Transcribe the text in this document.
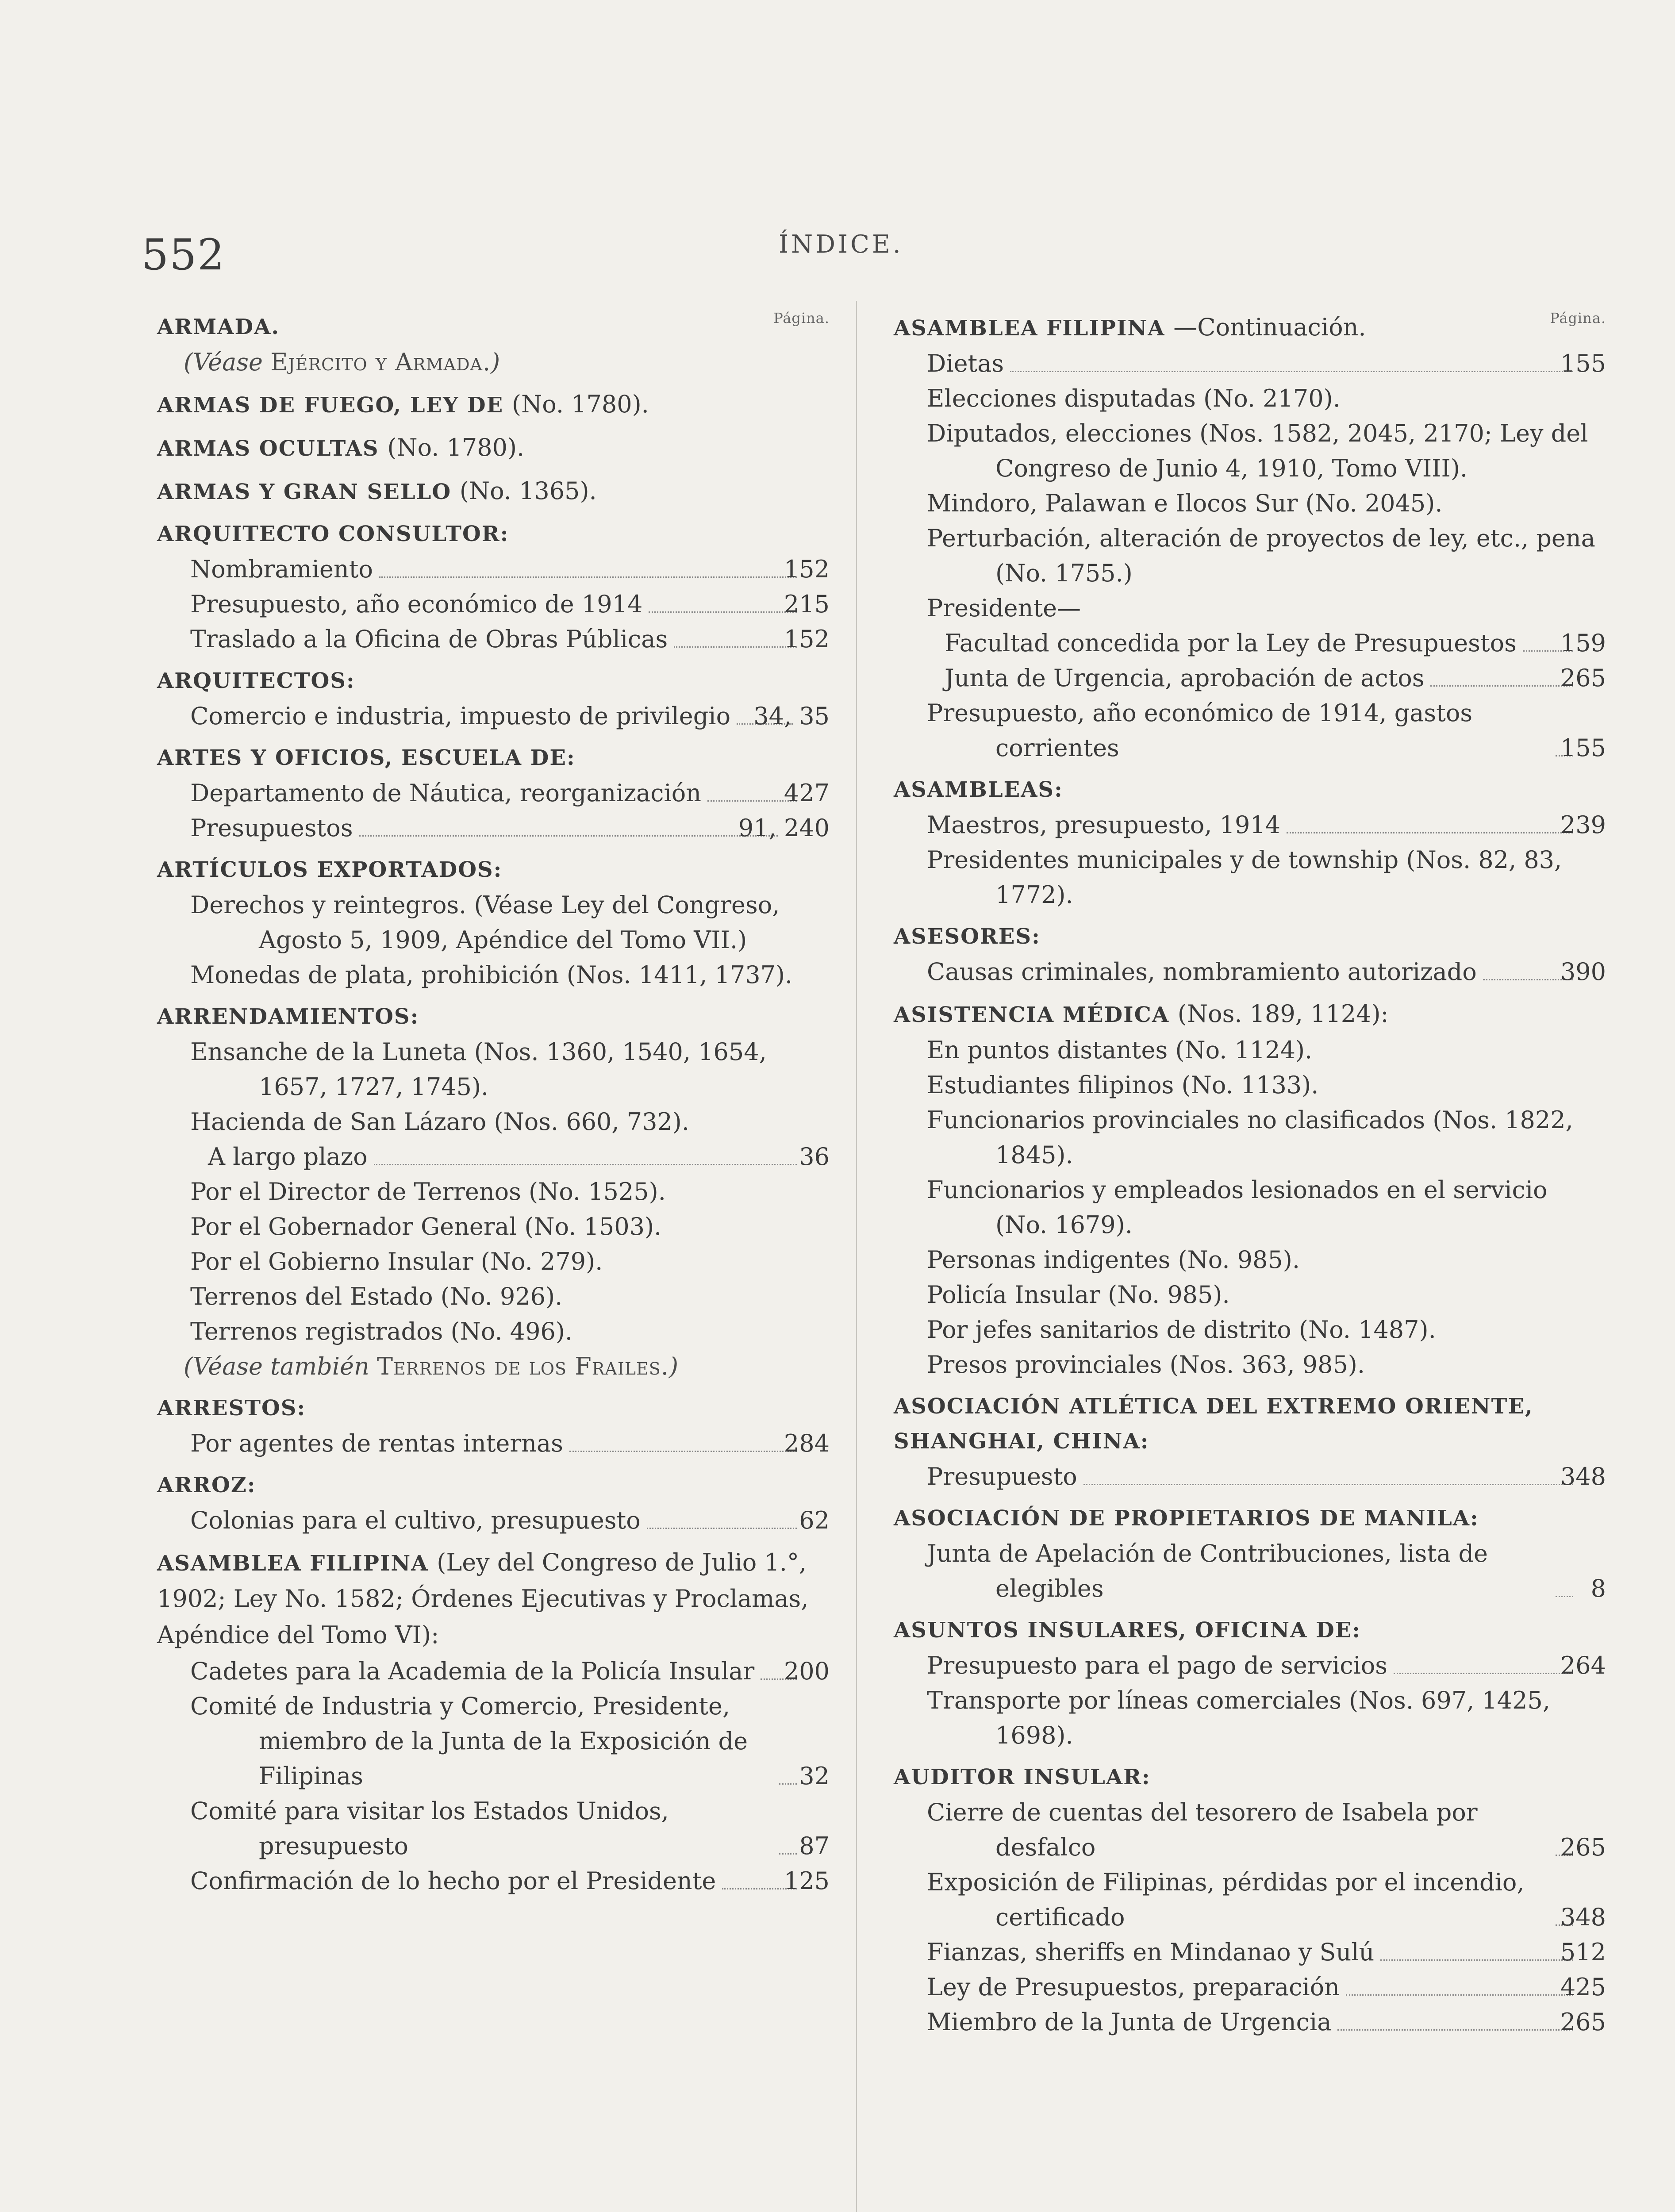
552	ÍNDICE.
Página.
ARMADA.
(Véase Ejército y Armada.)
ARMAS DE FUEGO, LEY DE (No. 1780).
ARMAS OCULTAS (No. 1780).
ARMAS Y GRAN SELLO (No. 1365).
ARQUITECTO CONSULTOR:
Nombramiento	152
Presupuesto, año económico de 1914	215
Traslado a la Oficina de Obras Públicas	152
ARQUITECTOS:
Comercio e industria, impuesto de privilegio 34, 35
ARTES Y OFICIOS, ESCUELA DE:
Departamento de Náutica, reorganización	427
Presupuestos	91, 240
ARTÍCULOS EXPORTADOS:
Derechos y reintegros. (Véase Ley del Congreso, Agosto 5, 1909, Apéndice del Tomo VII.)
Monedas de plata, prohibición (Nos. 1411, 1737).
ARRENDAMIENTOS:
Ensanche de la Luneta (Nos. 1360, 1540, 1654, 1657, 1727, 1745).
Hacienda de San Lázaro (Nos. 660, 732).
A largo plazo	36
Por el Director de Terrenos (No. 1525).
Por el Gobernador General (No. 1503).
Por el Gobierno Insular (No. 279).
Terrenos del Estado (No. 926).
Terrenos registrados (No. 496).
(Véase también Terrenos de los Frailes.)
ARRESTOS:
Por agentes de rentas internas	284
ARROZ:
Colonias para el cultivo, presupuesto	62
ASAMBLEA FILIPINA (Ley del Congreso de Julio 1.°, 1902; Ley No. 1582; Órdenes Ejecutivas y Proclamas, Apéndice del Tomo VI):
Cadetes para la Academia de la Policía Insular 200
Comité de Industria y Comercio, Presidente, miembro de la Junta de la Exposición de Filipinas	32
Comité para visitar los Estados Unidos, presupuesto	87
Confirmación de lo hecho por el Presidente	125
Página.
ASAMBLEA FILIPINA —Continuación.
Dietas	155
Elecciones disputadas (No. 2170).
Diputados, elecciones (Nos. 1582, 2045, 2170; Ley del Congreso de Junio 4, 1910, Tomo VIII).
Mindoro, Palawan e Ilocos Sur (No. 2045).
Perturbación, alteración de proyectos de ley, etc., pena (No. 1755.)
Presidente—
Facultad concedida por la Ley de Presupuestos 159
Junta de Urgencia, aprobación de actos	265
Presupuesto, año económico de 1914, gastos corrientes	155
ASAMBLEAS:
Maestros, presupuesto, 1914	239
Presidentes municipales y de township (Nos. 82, 83, 1772).
ASESORES:
Causas criminales, nombramiento autorizado	390
ASISTENCIA MÉDICA (Nos. 189, 1124):
En puntos distantes (No. 1124).
Estudiantes filipinos (No. 1133).
Funcionarios provinciales no clasificados (Nos. 1822, 1845).
Funcionarios y empleados lesionados en el servicio (No. 1679).
Personas indigentes (No. 985).
Policía Insular (No. 985).
Por jefes sanitarios de distrito (No. 1487).
Presos provinciales (Nos. 363, 985).
ASOCIACIÓN ATLÉTICA DEL EXTREMO ORIENTE, SHANGHAI, CHINA:
Presupuesto	348
ASOCIACIÓN DE PROPIETARIOS DE MANILA:
Junta de Apelación de Contribuciones, lista de elegibles	8
ASUNTOS INSULARES, OFICINA DE:
Presupuesto para el pago de servicios	264
Transporte por líneas comerciales (Nos. 697, 1425, 1698).
AUDITOR INSULAR:
Cierre de cuentas del tesorero de Isabela por desfalco	265
Exposición de Filipinas, pérdidas por el incendio, certificado	348
Fianzas, sheriffs en Mindanao y Sulú	512
Ley de Presupuestos, preparación	425
Miembro de la Junta de Urgencia	265
